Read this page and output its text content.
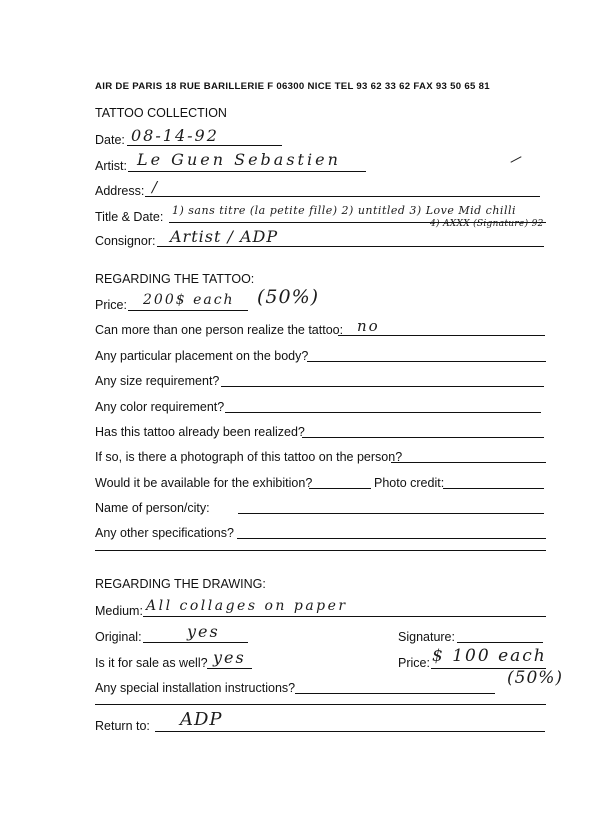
AIR DE PARIS 18 RUE BARILLERIE F 06300 NICE TEL 93 62 33 62 FAX 93 50 65 81
TATTOO COLLECTION
Date: 08-14-92
Artist: Le Guen Sebastien
Address: /
Title & Date: 1) sans titre (la petite fille) 2) untitled 3) Love Mid chilli
4) AXXX (Signature) 92
Consignor: Artist / ADP
REGARDING THE TATTOO:
Price: 200$ each (50%)
Can more than one person realize the tattoo: no
Any particular placement on the body?
Any size requirement?
Any color requirement?
Has this tattoo already been realized?
If so, is there a photograph of this tattoo on the person?
Would it be available for the exhibition?	Photo credit:
Name of person/city:
Any other specifications?
REGARDING THE DRAWING:
Medium: All collages on paper
Original:	yes	Signature:
Is it for sale as well? yes	Price: $ 100 each
(50%)
Any special installation instructions?
Return to: ADP
